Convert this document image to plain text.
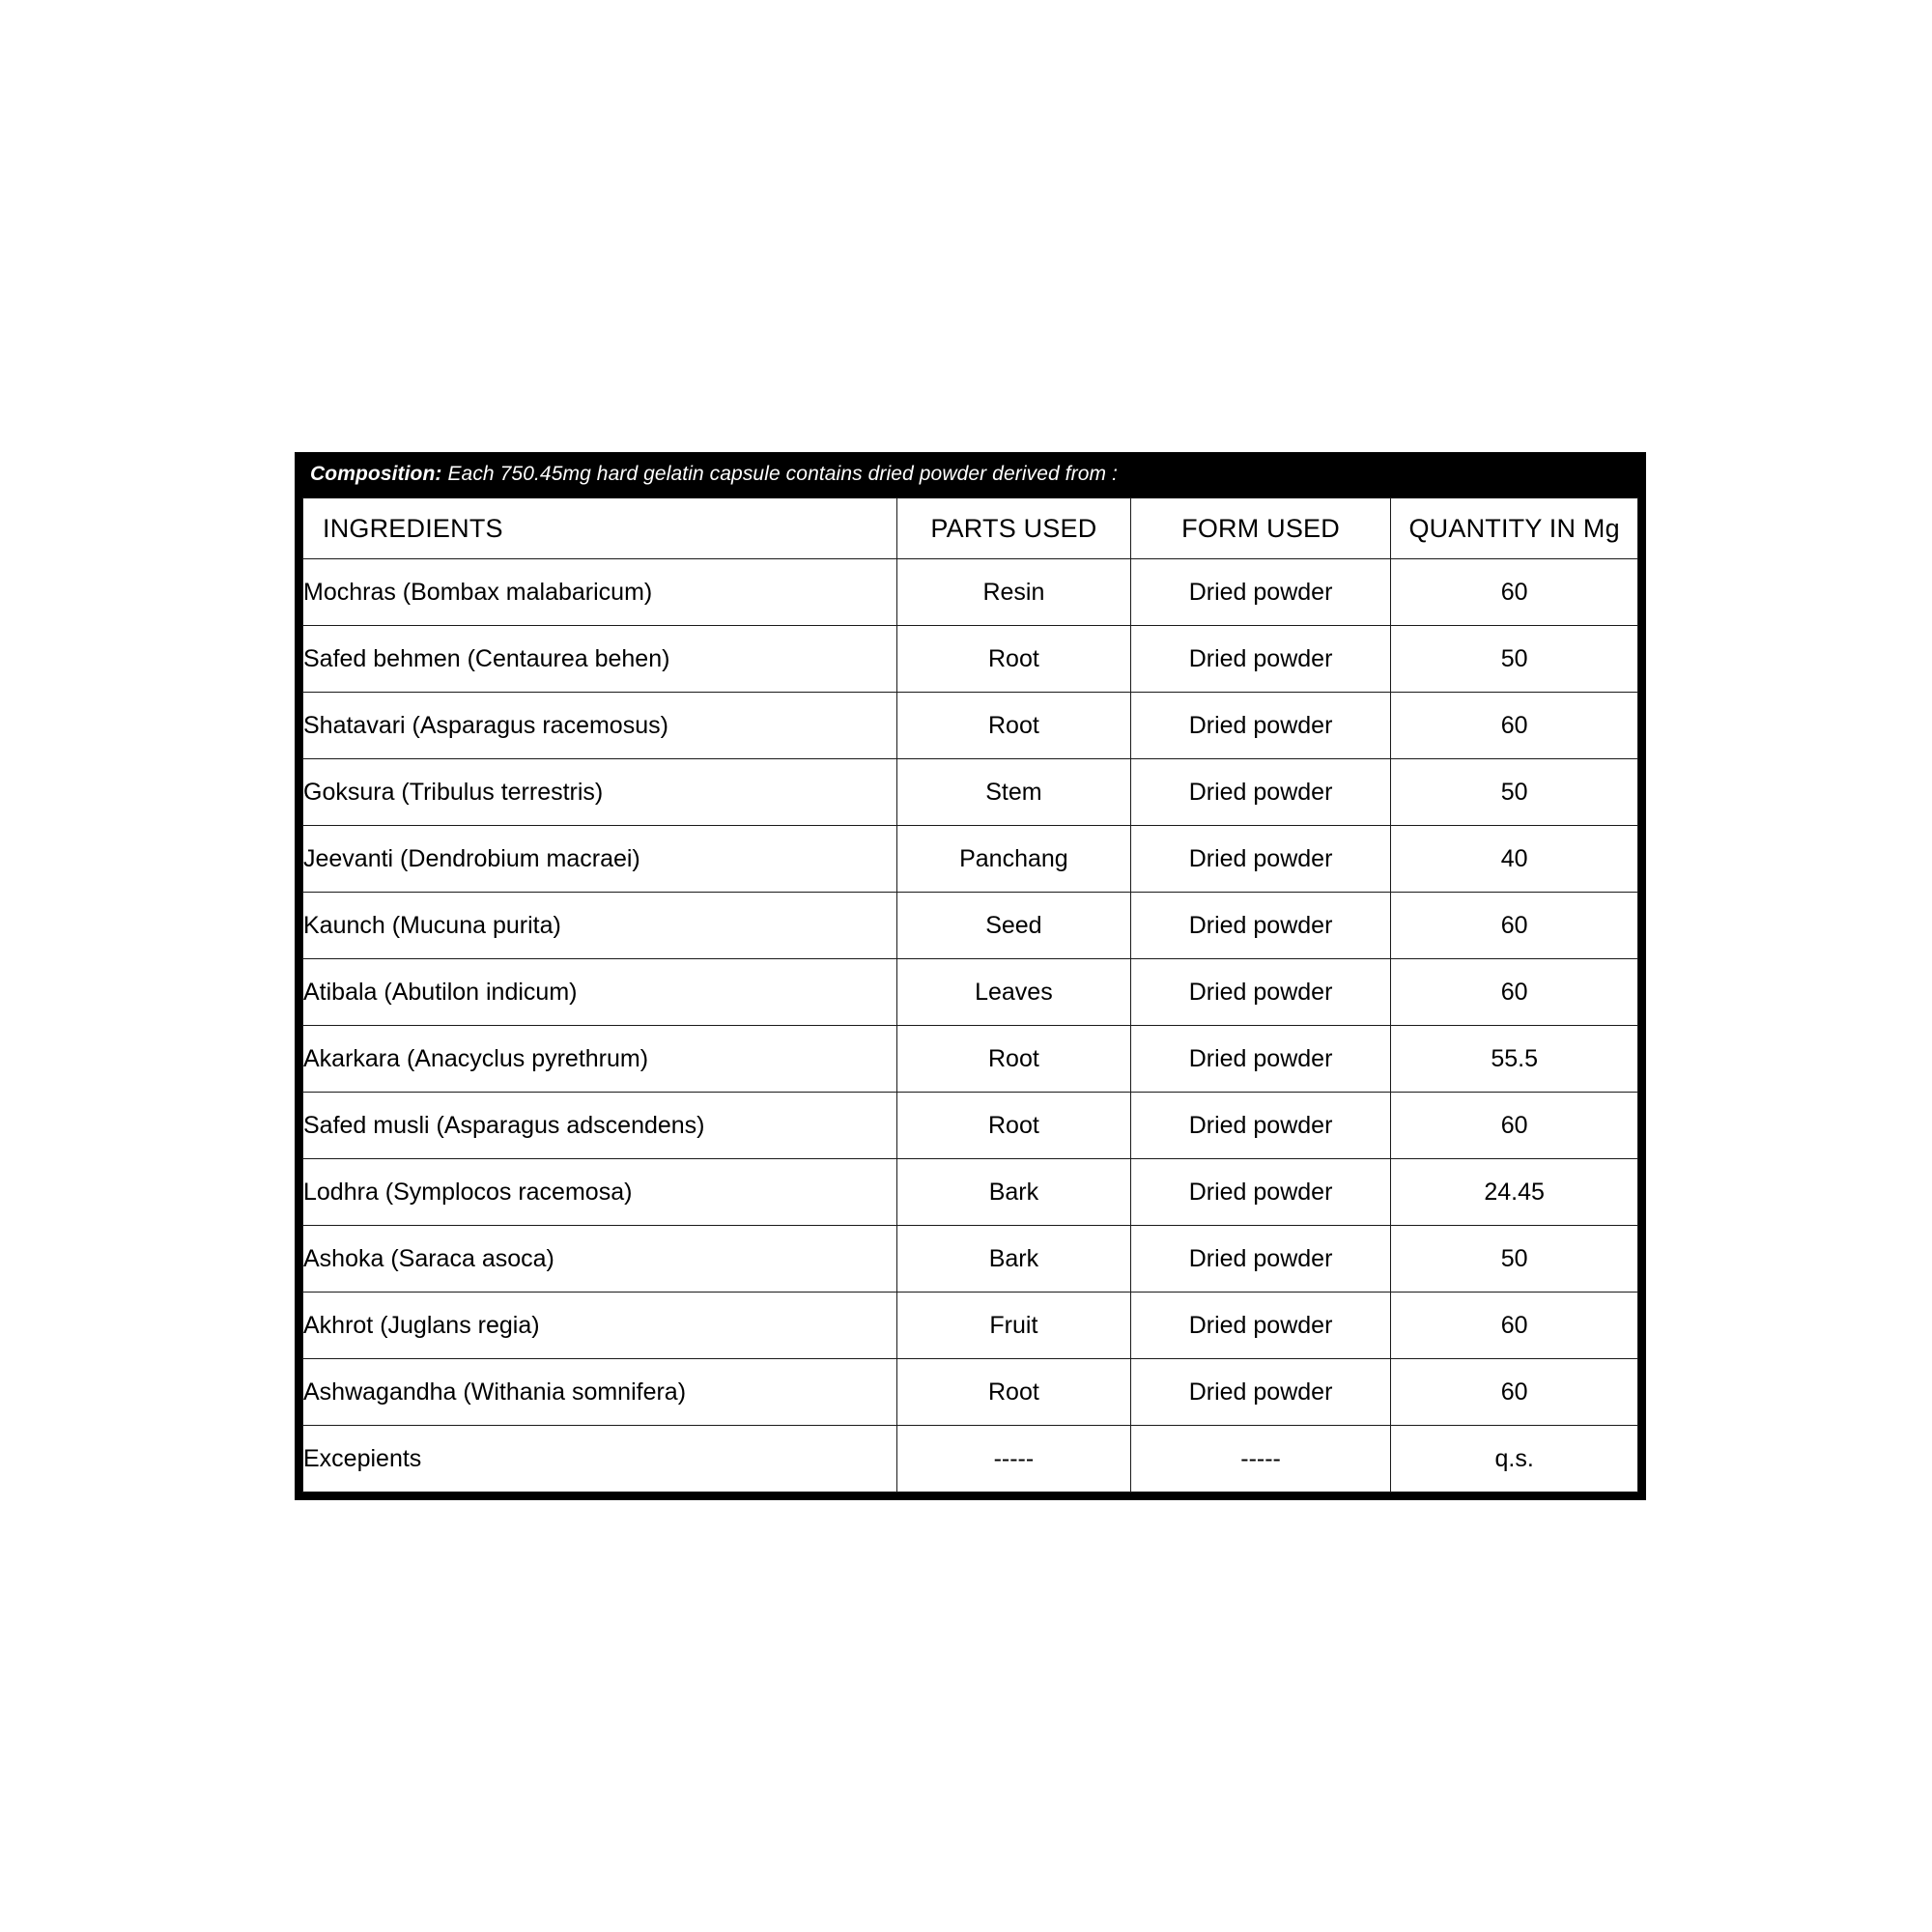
Composition: Each 750.45mg hard gelatin capsule contains dried powder derived from :
INGREDIENTS	PARTS USED	FORM USED	QUANTITY IN Mg
Mochras (Bombax malabaricum)	Resin	Dried powder	60
Safed behmen (Centaurea behen)	Root	Dried powder	50
Shatavari (Asparagus racemosus)	Root	Dried powder	60
Goksura (Tribulus terrestris)	Stem	Dried powder	50
Jeevanti (Dendrobium macraei)	Panchang	Dried powder	40
Kaunch (Mucuna purita)	Seed	Dried powder	60
Atibala (Abutilon indicum)	Leaves	Dried powder	60
Akarkara (Anacyclus pyrethrum)	Root	Dried powder	55.5
Safed musli (Asparagus adscendens)	Root	Dried powder	60
Lodhra (Symplocos racemosa)	Bark	Dried powder	24.45
Ashoka (Saraca asoca)	Bark	Dried powder	50
Akhrot (Juglans regia)	Fruit	Dried powder	60
Ashwagandha (Withania somnifera)	Root	Dried powder	60
Excepients	-----	-----	q.s.
